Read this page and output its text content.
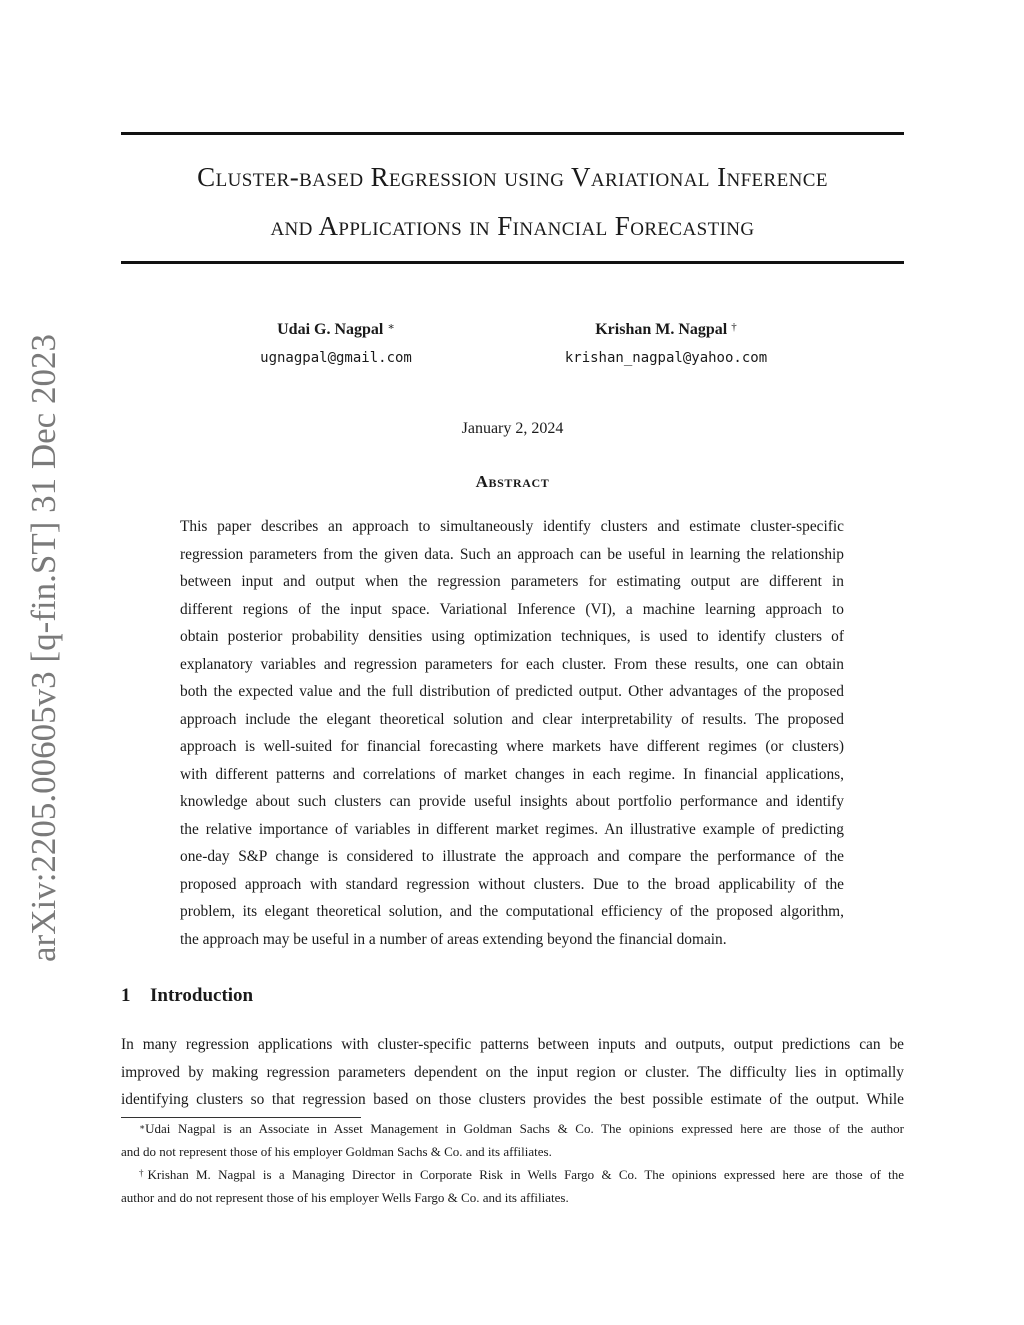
arXiv:2205.00605v3 [q-fin.ST] 31 Dec 2023
Cluster-based Regression using Variational Inference
and Applications in Financial Forecasting
Udai G. Nagpal ∗
ugnagpal@gmail.com
Krishan M. Nagpal †
krishan_nagpal@yahoo.com
January 2, 2024
Abstract
This paper describes an approach to simultaneously identify clusters and estimate cluster-specific
regression parameters from the given data. Such an approach can be useful in learning the relationship
between input and output when the regression parameters for estimating output are different in
different regions of the input space. Variational Inference (VI), a machine learning approach to
obtain posterior probability densities using optimization techniques, is used to identify clusters of
explanatory variables and regression parameters for each cluster. From these results, one can obtain
both the expected value and the full distribution of predicted output. Other advantages of the proposed
approach include the elegant theoretical solution and clear interpretability of results. The proposed
approach is well-suited for financial forecasting where markets have different regimes (or clusters)
with different patterns and correlations of market changes in each regime. In financial applications,
knowledge about such clusters can provide useful insights about portfolio performance and identify
the relative importance of variables in different market regimes. An illustrative example of predicting
one-day S&P change is considered to illustrate the approach and compare the performance of the
proposed approach with standard regression without clusters. Due to the broad applicability of the
problem, its elegant theoretical solution, and the computational efficiency of the proposed algorithm,
the approach may be useful in a number of areas extending beyond the financial domain.
1 Introduction
In many regression applications with cluster-specific patterns between inputs and outputs, output predictions can be
improved by making regression parameters dependent on the input region or cluster. The difficulty lies in optimally
identifying clusters so that regression based on those clusters provides the best possible estimate of the output. While
∗Udai Nagpal is an Associate in Asset Management in Goldman Sachs & Co. The opinions expressed here are those of the author
and do not represent those of his employer Goldman Sachs & Co. and its affiliates.
†Krishan M. Nagpal is a Managing Director in Corporate Risk in Wells Fargo & Co. The opinions expressed here are those of the
author and do not represent those of his employer Wells Fargo & Co. and its affiliates.
